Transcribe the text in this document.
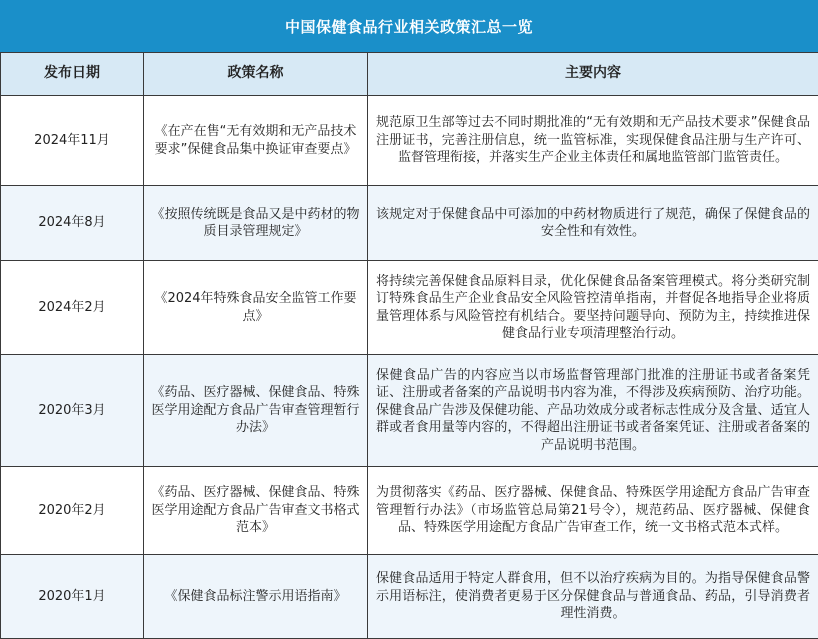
中国保健食品行业相关政策汇总一览
发布日期	政策名称	主要内容
2024年11月	《在产在售“无有效期和无产品技术要求”保健食品集中换证审查要点》	规范原卫生部等过去不同时期批准的“无有效期和无产品技术要求”保健食品注册证书，完善注册信息，统一监管标准，实现保健食品注册与生产许可、监督管理衔接，并落实生产企业主体责任和属地监管部门监管责任。

2024年8月	《按照传统既是食品又是中药材的物质目录管理规定》	该规定对于保健食品中可添加的中药材物质进行了规范，确保了保健食品的安全性和有效性。

2024年2月	《2024年特殊食品安全监管工作要点》	将持续完善保健食品原料目录，优化保健食品备案管理模式。将分类研究制订特殊食品生产企业食品安全风险管控清单指南，并督促各地指导企业将质量管理体系与风险管控有机结合。要坚持问题导向、预防为主，持续推进保健食品行业专项清理整治行动。

2020年3月	《药品、医疗器械、保健食品、特殊医学用途配方食品广告审查管理暂行办法》	保健食品广告的内容应当以市场监督管理部门批准的注册证书或者备案凭证、注册或者备案的产品说明书内容为准，不得涉及疾病预防、治疗功能。保健食品广告涉及保健功能、产品功效成分或者标志性成分及含量、适宜人群或者食用量等内容的，不得超出注册证书或者备案凭证、注册或者备案的产品说明书范围。

2020年2月	《药品、医疗器械、保健食品、特殊医学用途配方食品广告审查文书格式范本》	为贯彻落实《药品、医疗器械、保健食品、特殊医学用途配方食品广告审查管理暂行办法》（市场监管总局第21号令），规范药品、医疗器械、保健食品、特殊医学用途配方食品广告审查工作，统一文书格式范本式样。

2020年1月	《保健食品标注警示用语指南》	保健食品适用于特定人群食用，但不以治疗疾病为目的。为指导保健食品警示用语标注，使消费者更易于区分保健食品与普通食品、药品，引导消费者理性消费。
